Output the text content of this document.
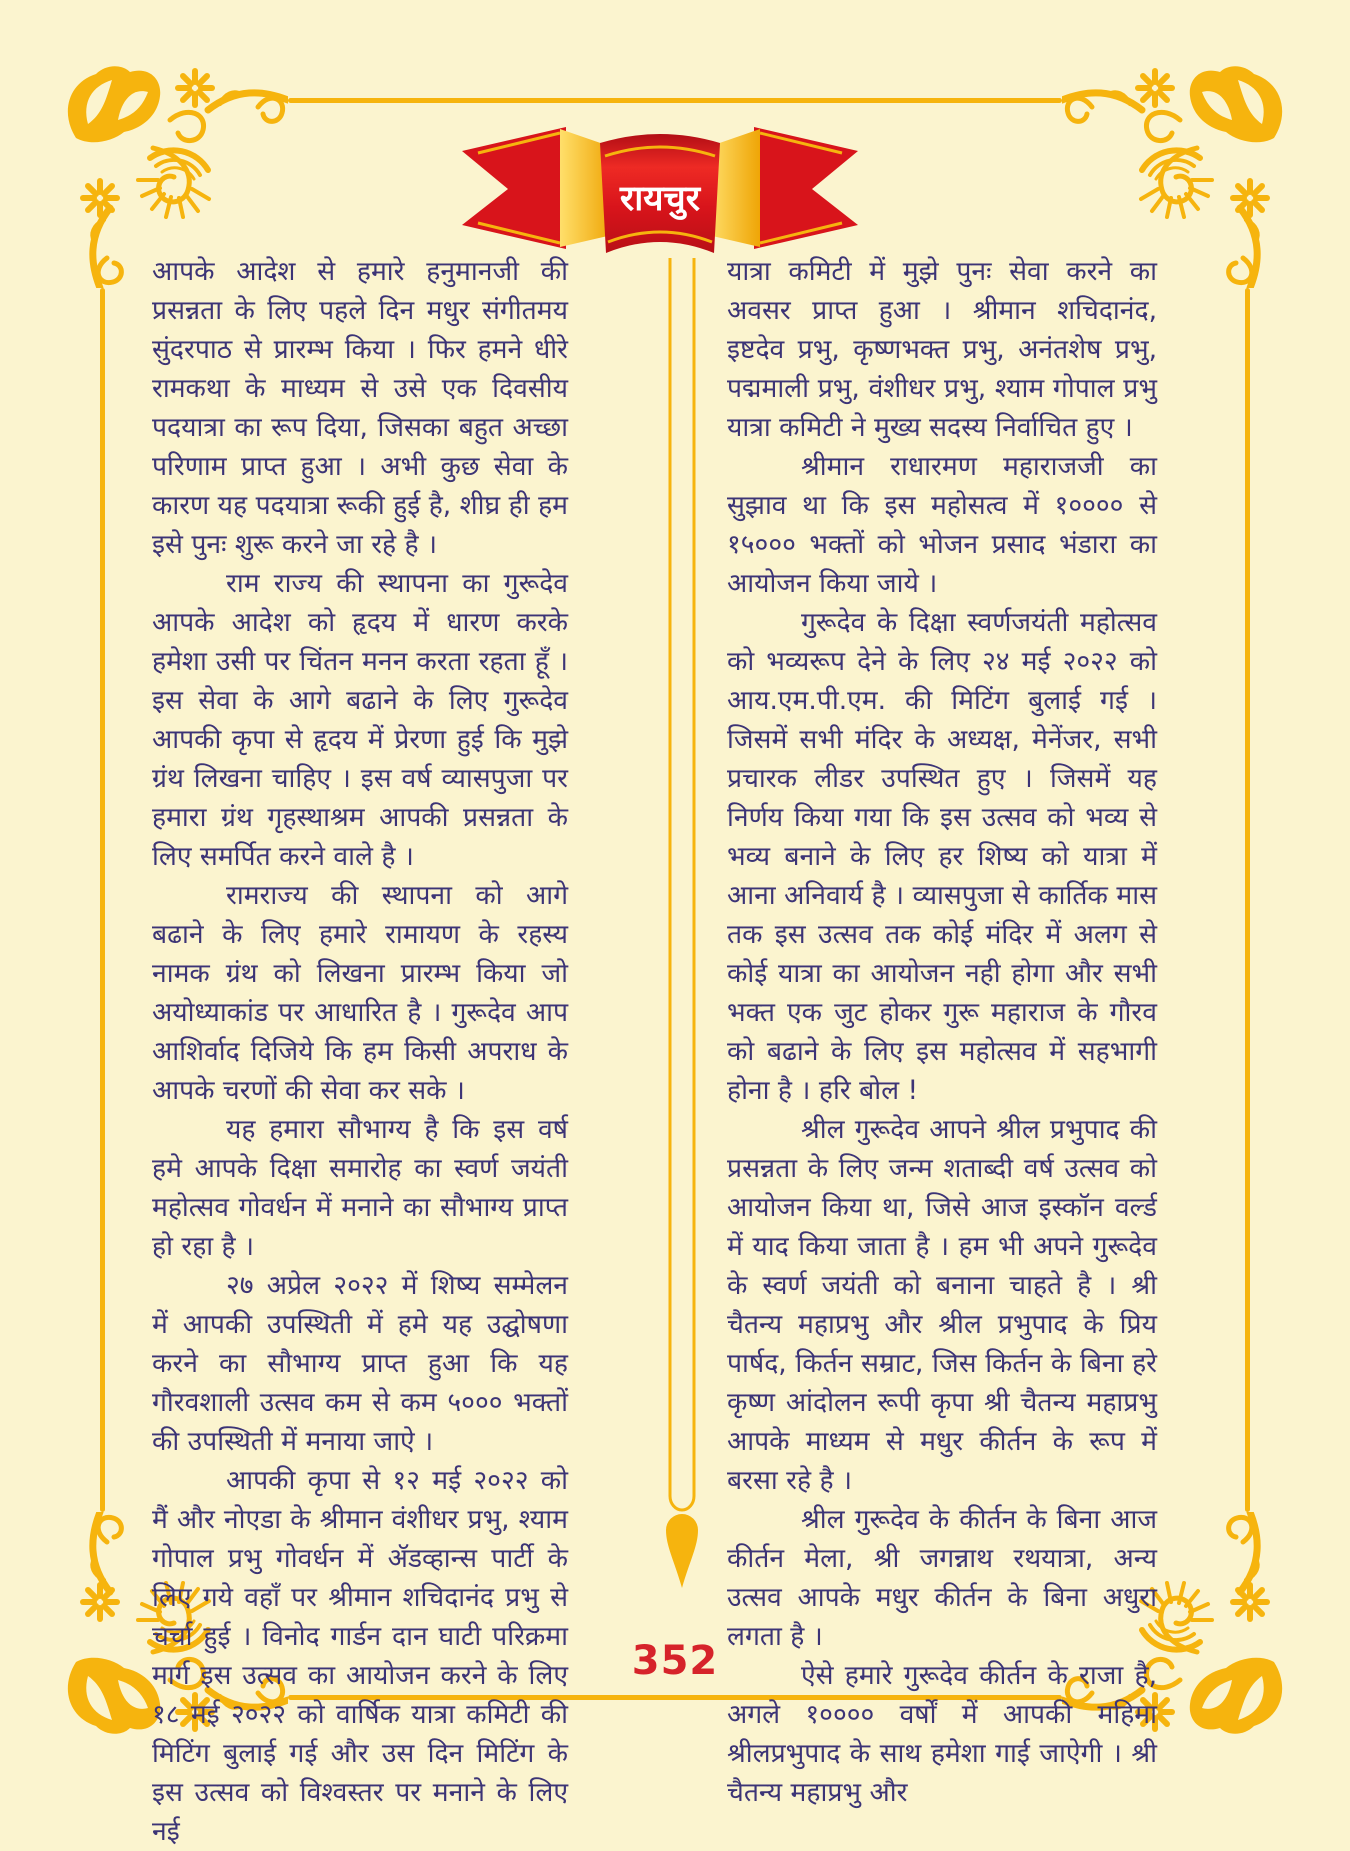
रायचुर

आपके आदेश से हमारे हनुमानजी की प्रसन्नता के लिए पहले दिन मधुर संगीतमय सुंदरपाठ से प्रारम्भ किया । फिर हमने धीरे रामकथा के माध्यम से उसे एक दिवसीय पदयात्रा का रूप दिया, जिसका बहुत अच्छा परिणाम प्राप्त हुआ । अभी कुछ सेवा के कारण यह पदयात्रा रूकी हुई है, शीघ्र ही हम इसे पुनः शुरू करने जा रहे है ।

राम राज्य की स्थापना का गुरूदेव आपके आदेश को हृदय में धारण करके हमेशा उसी पर चिंतन मनन करता रहता हूँ । इस सेवा के आगे बढाने के लिए गुरूदेव आपकी कृपा से हृदय में प्रेरणा हुई कि मुझे ग्रंथ लिखना चाहिए । इस वर्ष व्यासपुजा पर हमारा ग्रंथ गृहस्थाश्रम आपकी प्रसन्नता के लिए समर्पित करने वाले है ।

रामराज्य की स्थापना को आगे बढाने के लिए हमारे रामायण के रहस्य नामक ग्रंथ को लिखना प्रारम्भ किया जो अयोध्याकांड पर आधारित है । गुरूदेव आप आशिर्वाद दिजिये कि हम किसी अपराध के आपके चरणों की सेवा कर सके ।

यह हमारा सौभाग्य है कि इस वर्ष हमे आपके दिक्षा समारोह का स्वर्ण जयंती महोत्सव गोवर्धन में मनाने का सौभाग्य प्राप्त हो रहा है ।

२७ अप्रेल २०२२ में शिष्य सम्मेलन में आपकी उपस्थिती में हमे यह उद्घोषणा करने का सौभाग्य प्राप्त हुआ कि यह गौरवशाली उत्सव कम से कम ५००० भक्तों की उपस्थिती में मनाया जाऐ ।

आपकी कृपा से १२ मई २०२२ को मैं और नोएडा के श्रीमान वंशीधर प्रभु, श्याम गोपाल प्रभु गोवर्धन में ॲडव्हान्स पार्टी के लिए गये वहाँ पर श्रीमान शचिदानंद प्रभु से चर्चा हुई । विनोद गार्डन दान घाटी परिक्रमा मार्ग इस उत्सव का आयोजन करने के लिए १८ मई २०२२ को वार्षिक यात्रा कमिटी की मिटिंग बुलाई गई और उस दिन मिटिंग के इस उत्सव को विश्वस्तर पर मनाने के लिए नई

यात्रा कमिटी में मुझे पुनः सेवा करने का अवसर प्राप्त हुआ । श्रीमान शचिदानंद, इष्टदेव प्रभु, कृष्णभक्त प्रभु, अनंतशेष प्रभु, पद्ममाली प्रभु, वंशीधर प्रभु, श्याम गोपाल प्रभु यात्रा कमिटी ने मुख्य सदस्य निर्वाचित हुए ।

श्रीमान राधारमण महाराजजी का सुझाव था कि इस महोसत्व में १०००० से १५००० भक्तों को भोजन प्रसाद भंडारा का आयोजन किया जाये ।

गुरूदेव के दिक्षा स्वर्णजयंती महोत्सव को भव्यरूप देने के लिए २४ मई २०२२ को आय.एम.पी.एम. की मिटिंग बुलाई गई । जिसमें सभी मंदिर के अध्यक्ष, मेनेंजर, सभी प्रचारक लीडर उपस्थित हुए । जिसमें यह निर्णय किया गया कि इस उत्सव को भव्य से भव्य बनाने के लिए हर शिष्य को यात्रा में आना अनिवार्य है । व्यासपुजा से कार्तिक मास तक इस उत्सव तक कोई मंदिर में अलग से कोई यात्रा का आयोजन नही होगा और सभी भक्त एक जुट होकर गुरू महाराज के गौरव को बढाने के लिए इस महोत्सव में सहभागी होना है । हरि बोल !

श्रील गुरूदेव आपने श्रील प्रभुपाद की प्रसन्नता के लिए जन्म शताब्दी वर्ष उत्सव को आयोजन किया था, जिसे आज इस्कॉन वर्ल्ड में याद किया जाता है । हम भी अपने गुरूदेव के स्वर्ण जयंती को बनाना चाहते है । श्री चैतन्य महाप्रभु और श्रील प्रभुपाद के प्रिय पार्षद, किर्तन सम्राट, जिस किर्तन के बिना हरे कृष्ण आंदोलन रूपी कृपा श्री चैतन्य महाप्रभु आपके माध्यम से मधुर कीर्तन के रूप में बरसा रहे है ।

श्रील गुरूदेव के कीर्तन के बिना आज कीर्तन मेला, श्री जगन्नाथ रथयात्रा, अन्य उत्सव आपके मधुर कीर्तन के बिना अधुरा लगता है ।

ऐसे हमारे गुरूदेव कीर्तन के राजा है, अगले १०००० वर्षों में आपकी महिमा श्रीलप्रभुपाद के साथ हमेशा गाई जाऐगी । श्री चैतन्य महाप्रभु और

352
